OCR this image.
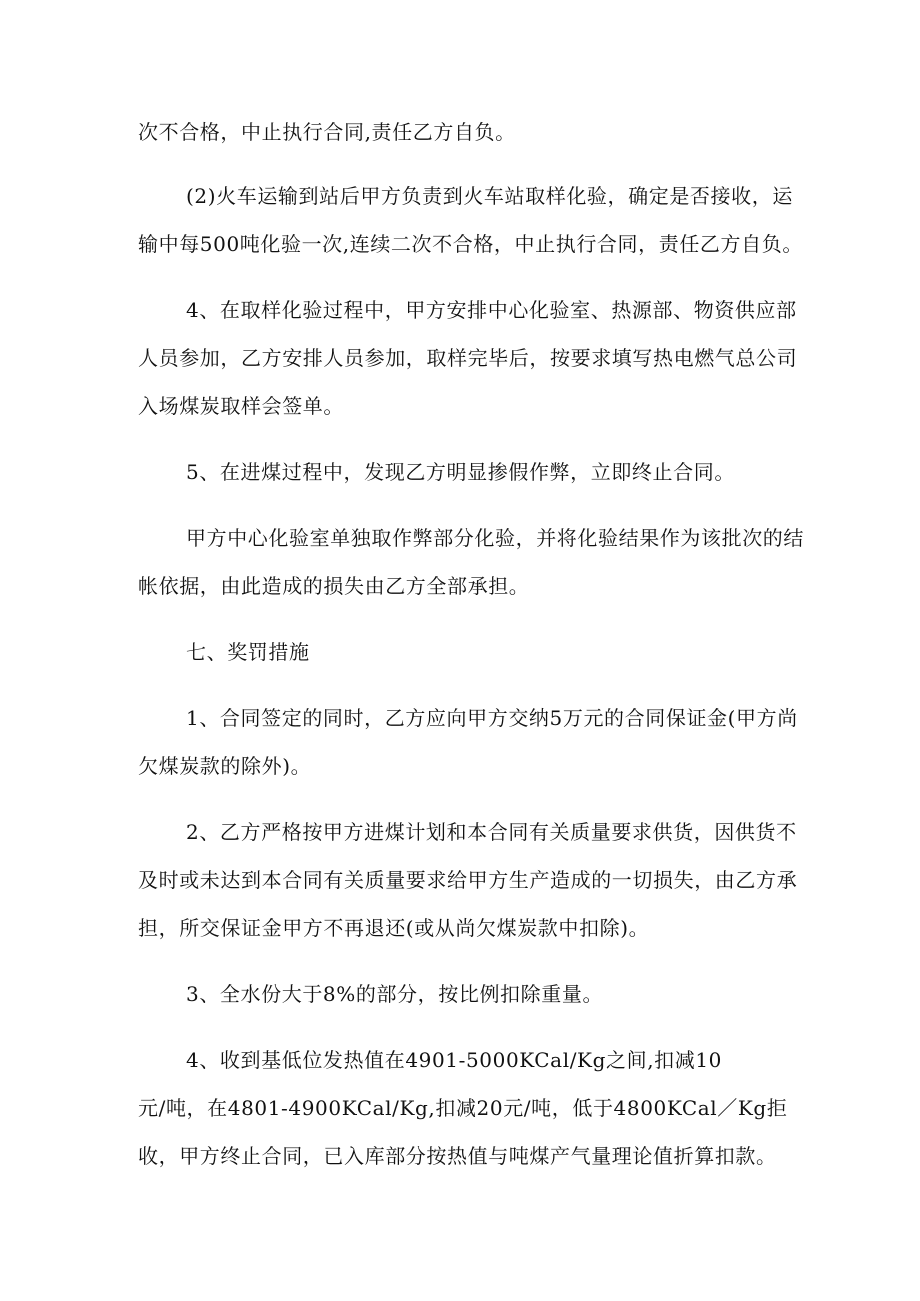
次不合格，中止执行合同,责任乙方自负。
(2)火车运输到站后甲方负责到火车站取样化验，确定是否接收，运
输中每500吨化验一次,连续二次不合格，中止执行合同，责任乙方自负。
4、在取样化验过程中，甲方安排中心化验室、热源部、物资供应部
人员参加，乙方安排人员参加，取样完毕后，按要求填写热电燃气总公司
入场煤炭取样会签单。
5、在进煤过程中，发现乙方明显掺假作弊，立即终止合同。
甲方中心化验室单独取作弊部分化验，并将化验结果作为该批次的结
帐依据，由此造成的损失由乙方全部承担。
七、奖罚措施
1、合同签定的同时，乙方应向甲方交纳5万元的合同保证金(甲方尚
欠煤炭款的除外)。
2、乙方严格按甲方进煤计划和本合同有关质量要求供货，因供货不
及时或未达到本合同有关质量要求给甲方生产造成的一切损失，由乙方承
担，所交保证金甲方不再退还(或从尚欠煤炭款中扣除)。
3、全水份大于8%的部分，按比例扣除重量。
4、收到基低位发热值在4901-5000KCal/Kg之间,扣减10
元/吨，在4801-4900KCal/Kg,扣减20元/吨，低于4800KCal／Kg拒
收，甲方终止合同，已入库部分按热值与吨煤产气量理论值折算扣款。
